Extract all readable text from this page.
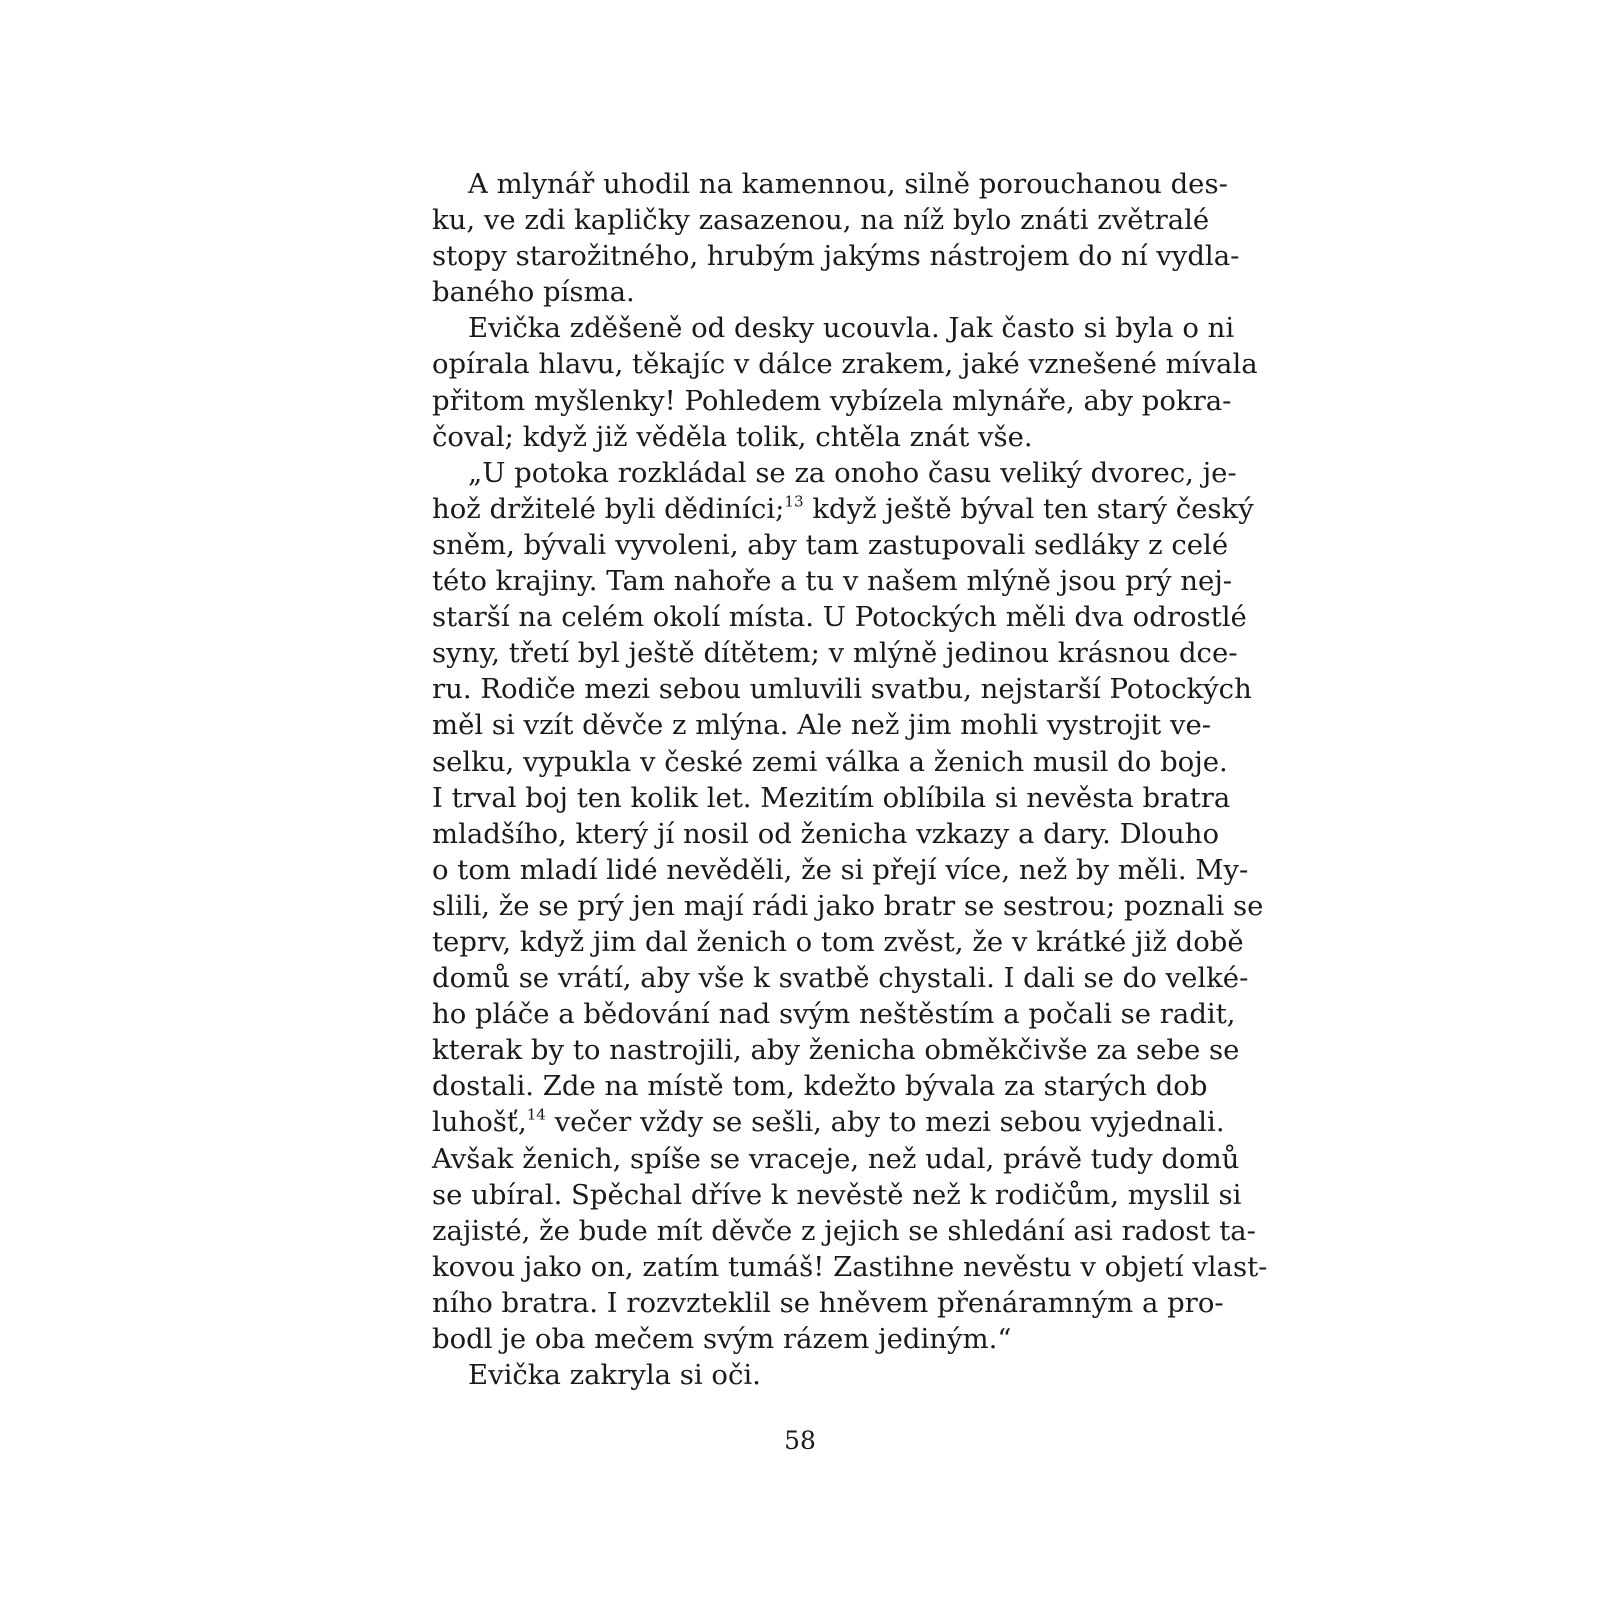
A mlynář uhodil na kamennou, silně porouchanou des-
ku, ve zdi kapličky zasazenou, na níž bylo znáti zvětralé
stopy starožitného, hrubým jakýms nástrojem do ní vydla-
baného písma.
Evička zděšeně od desky ucouvla. Jak často si byla o ni
opírala hlavu, těkajíc v dálce zrakem, jaké vznešené mívala
přitom myšlenky! Pohledem vybízela mlynáře, aby pokra-
čoval; když již věděla tolik, chtěla znát vše.
„U potoka rozkládal se za onoho času veliký dvorec, je-
hož držitelé byli dědiníci;$^{13}$ když ještě býval ten starý český
sněm, bývali vyvoleni, aby tam zastupovali sedláky z celé
této krajiny. Tam nahoře a tu v našem mlýně jsou prý nej-
starší na celém okolí místa. U Potockých měli dva odrostlé
syny, třetí byl ještě dítětem; v mlýně jedinou krásnou dce-
ru. Rodiče mezi sebou umluvili svatbu, nejstarší Potockých
měl si vzít děvče z mlýna. Ale než jim mohli vystrojit ve-
selku, vypukla v české zemi válka a ženich musil do boje.
I trval boj ten kolik let. Mezitím oblíbila si nevěsta bratra
mladšího, který jí nosil od ženicha vzkazy a dary. Dlouho
o tom mladí lidé nevěděli, že si přejí více, než by měli. My-
slili, že se prý jen mají rádi jako bratr se sestrou; poznali se
teprv, když jim dal ženich o tom zvěst, že v krátké již době
domů se vrátí, aby vše k svatbě chystali. I dali se do velké-
ho pláče a bědování nad svým neštěstím a počali se radit,
kterak by to nastrojili, aby ženicha obměkčivše za sebe se
dostali. Zde na místě tom, kdežto bývala za starých dob
luhošť,$^{14}$ večer vždy se sešli, aby to mezi sebou vyjednali.
Avšak ženich, spíše se vraceje, než udal, právě tudy domů
se ubíral. Spěchal dříve k nevěstě než k rodičům, myslil si
zajisté, že bude mít děvče z jejich se shledání asi radost ta-
kovou jako on, zatím tumáš! Zastihne nevěstu v objetí vlast-
ního bratra. I rozvzteklil se hněvem přenáramným a pro-
bodl je oba mečem svým rázem jediným.“
Evička zakryla si oči.
58
